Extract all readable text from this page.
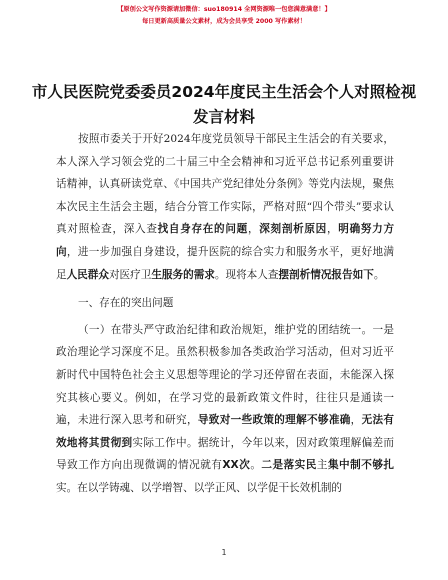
【原创公文写作资源请加微信：suo180914 全网资源唯一包您满意满意！】
每日更新高质量公文素材，成为会员享受 2000 写作素材！
市人民医院党委委员2024年度民主生活会个人对照检视发言材料

按照市委关于开好2024年度党员领导干部民主生活会的有关要求，本人深入学习领会党的二十届三中全会精神和习近平总书记系列重要讲话精神，认真研读党章、《中国共产党纪律处分条例》等党内法规，聚焦本次民主生活会主题，结合分管工作实际，严格对照“四个带头”要求认真对照检查，深入查找自身存在的问题，深刻剖析原因，明确努力方向，进一步加强自身建设，提升医院的综合实力和服务水平，更好地满足人民群众对医疗卫生服务的需求。现将本人查摆剖析情况报告如下。

一、存在的突出问题

（一）在带头严守政治纪律和政治规矩，维护党的团结统一。一是政治理论学习深度不足。虽然积极参加各类政治学习活动，但对习近平新时代中国特色社会主义思想等理论的学习还停留在表面，未能深入探究其核心要义。例如，在学习党的最新政策文件时，往往只是通读一遍，未进行深入思考和研究，导致对一些政策的理解不够准确，无法有效地将其贯彻到实际工作中。据统计，今年以来，因对政策理解偏差而导致工作方向出现微调的情况就有XX次。二是落实民主集中制不够扎实。在以学铸魂、以学增智、以学正风、以学促干长效机制的

1
